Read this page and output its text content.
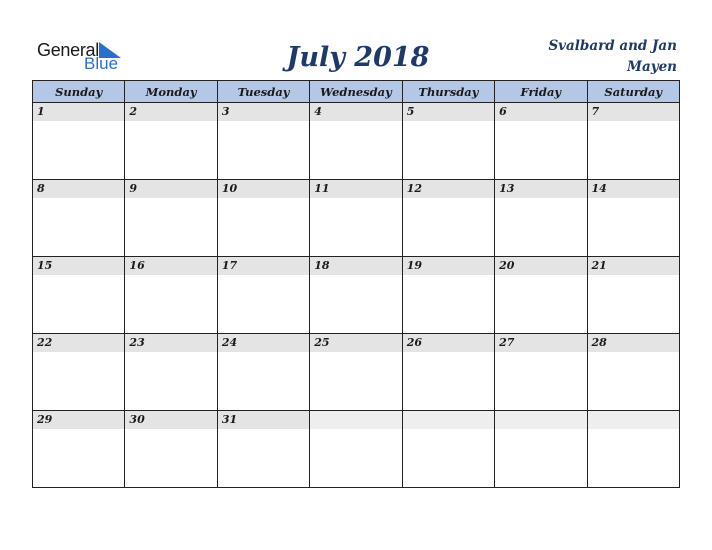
General
Blue	July 2018	Svalbard and Jan Mayen
Sunday	Monday	Tuesday	Wednesday	Thursday	Friday	Saturday

1	2	3	4	5	6	7

8	9	10	11	12	13	14

15	16	17	18	19	20	21

22	23	24	25	26	27	28

29	30	31				
